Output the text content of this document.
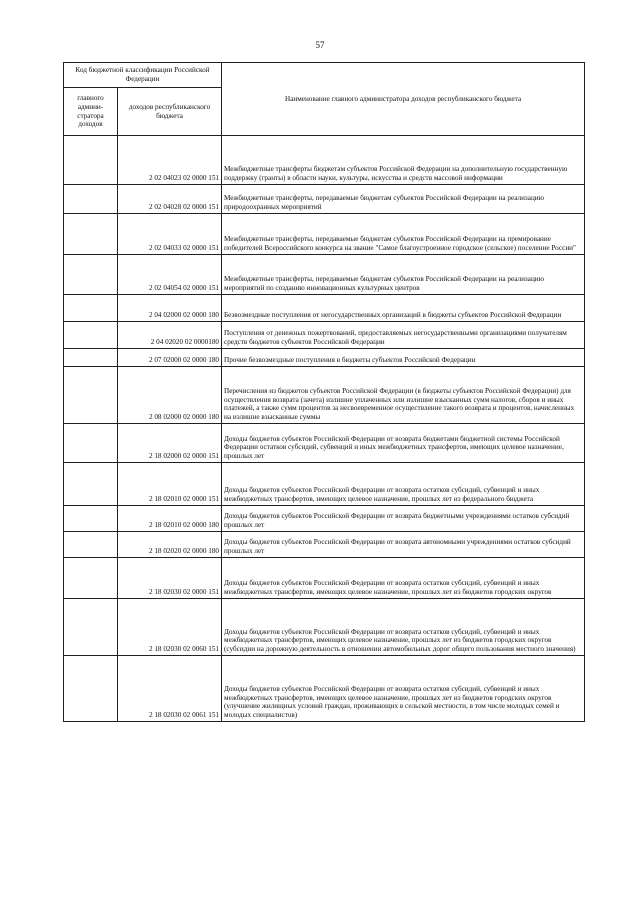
57
Код бюджетной классификации Российской Федерации		Наименование главного администратора доходов республиканского бюджета
главного админи-стратора доходов	доходов республиканского бюджета	
	2 02 04023 02 0000 151	Межбюджетные трансферты бюджетам субъектов Российской Федерации на дополнительную государственную поддержку (гранты) в области науки, культуры, искусства и средств массовой информации
	2 02 04028 02 0000 151	Межбюджетные трансферты, передаваемые бюджетам субъектов Российской Федерации на реализацию природоохранных мероприятий
	2 02 04033 02 0000 151	Межбюджетные трансферты, передаваемые бюджетам субъектов Российской Федерации на премирование победителей Всероссийского конкурса на звание "Самое благоустроенное городское (сельское) поселение России"
	2 02 04054 02 0000 151	Межбюджетные трансферты, передаваемые бюджетам субъектов Российской Федерации на реализацию мероприятий по созданию инновационных культурных центров
	2 04 02000 02 0000 180	Безвозмездные поступления от негосударственных организаций в бюджеты субъектов Российской Федерации
	2 04 02020 02 0000180	Поступления от денежных пожертвований, предоставляемых негосударственными организациями получателям средств бюджетов субъектов Российской Федерации
	2 07 02000 02 0000 180	Прочие безвозмездные поступления в бюджеты субъектов Российской Федерации
	2 08 02000 02 0000 180	Перечисления из бюджетов субъектов Российской Федерации (в бюджеты субъектов Российской Федерации) для осуществления возврата (зачета) излишне уплаченных или излишне взысканных сумм налогов, сборов и иных платежей, а также сумм процентов за несвоевременное осуществление такого возврата и процентов, начисленных на излишне взысканные суммы
	2 18 02000 02 0000 151	Доходы бюджетов субъектов Российской Федерации от возврата бюджетами бюджетной системы Российской Федерации остатков субсидий, субвенций и иных межбюджетных трансфертов, имеющих целевое назначение, прошлых лет
	2 18 02010 02 0000 151	Доходы бюджетов субъектов Российской Федерации от возврата остатков субсидий, субвенций и иных межбюджетных трансфертов, имеющих целевое назначение, прошлых лет из федерального бюджета
	2 18 02010 02 0000 180	Доходы бюджетов субъектов Российской Федерации от возврата бюджетными учреждениями остатков субсидий прошлых лет
	2 18 02020 02 0000 180	Доходы бюджетов субъектов Российской Федерации от возврата автономными учреждениями остатков субсидий прошлых лет
	2 18 02030 02 0000 151	Доходы бюджетов субъектов Российской Федерации от возврата остатков субсидий, субвенций и иных межбюджетных трансфертов, имеющих целевое назначение, прошлых лет из бюджетов городских округов
	2 18 02030 02 0060 151	Доходы бюджетов субъектов Российской Федерации от возврата остатков субсидий, субвенций и иных межбюджетных трансфертов, имеющих целевое назначение, прошлых лет из бюджетов городских округов (субсидии на дорожную деятельность в отношении автомобильных дорог общего пользования местного значения)
	2 18 02030 02 0061 151	Доходы бюджетов субъектов Российской Федерации от возврата остатков субсидий, субвенций и иных межбюджетных трансфертов, имеющих целевое назначение, прошлых лет из бюджетов городских округов (улучшение жилищных условий граждан, проживающих в сельской местности, в том числе молодых семей и молодых специалистов)
